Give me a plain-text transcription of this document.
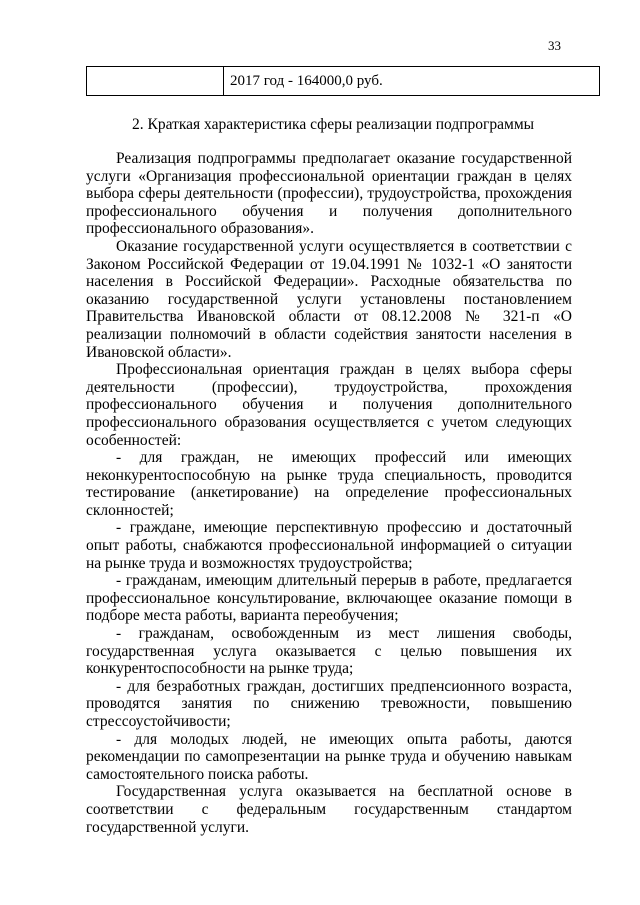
33
	2017 год - 164000,0 руб.
2. Краткая характеристика сферы реализации подпрограммы

Реализация подпрограммы предполагает оказание государственной услуги «Организация профессиональной ориентации граждан в целях выбора сферы деятельности (профессии), трудоустройства, прохождения профессионального обучения и получения дополнительного профессионального образования».

Оказание государственной услуги осуществляется в соответствии с Законом Российской Федерации от 19.04.1991 № 1032-1 «О занятости населения в Российской Федерации». Расходные обязательства по оказанию государственной услуги установлены постановлением Правительства Ивановской области от 08.12.2008 № 321-п «О реализации полномочий в области содействия занятости населения в Ивановской области».

Профессиональная ориентация граждан в целях выбора сферы деятельности (профессии), трудоустройства, прохождения профессионального обучения и получения дополнительного профессионального образования осуществляется с учетом следующих особенностей:

- для граждан, не имеющих профессий или имеющих неконкурентоспособную на рынке труда специальность, проводится тестирование (анкетирование) на определение профессиональных склонностей;

- граждане, имеющие перспективную профессию и достаточный опыт работы, снабжаются профессиональной информацией о ситуации на рынке труда и возможностях трудоустройства;

- гражданам, имеющим длительный перерыв в работе, предлагается профессиональное консультирование, включающее оказание помощи в подборе места работы, варианта переобучения;

- гражданам, освобожденным из мест лишения свободы, государственная услуга оказывается с целью повышения их конкурентоспособности на рынке труда;

- для безработных граждан, достигших предпенсионного возраста, проводятся занятия по снижению тревожности, повышению стрессоустойчивости;

- для молодых людей, не имеющих опыта работы, даются рекомендации по самопрезентации на рынке труда и обучению навыкам самостоятельного поиска работы.

Государственная услуга оказывается на бесплатной основе в соответствии с федеральным государственным стандартом государственной услуги.
